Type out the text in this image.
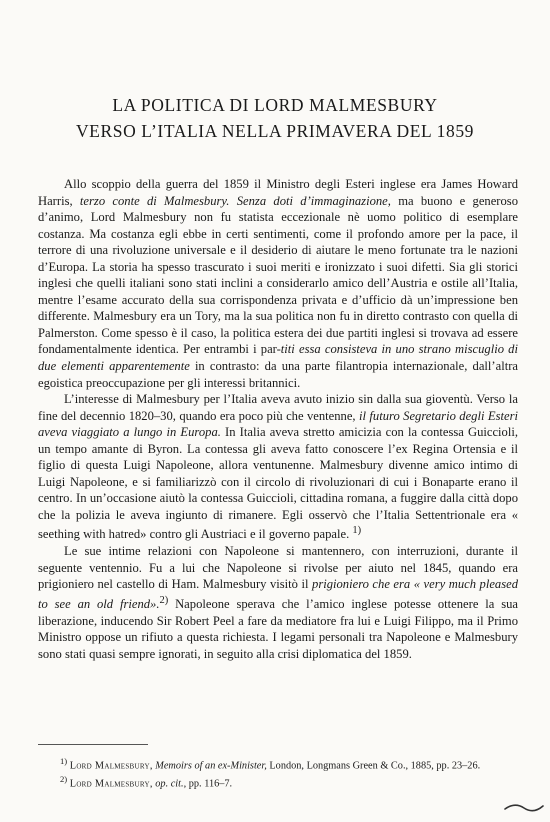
LA POLITICA DI LORD MALMESBURY
VERSO L’ITALIA NELLA PRIMAVERA DEL 1859

Allo scoppio della guerra del 1859 il Ministro degli Esteri inglese era James Howard Harris, terzo conte di Malmesbury. Senza doti d’immaginazione, ma buono e generoso d’animo, Lord Malmesbury non fu statista eccezionale nè uomo politico di esemplare costanza. Ma costanza egli ebbe in certi sentimenti, come il profondo amore per la pace, il terrore di una rivoluzione universale e il desiderio di aiutare le meno fortunate tra le nazioni d’Europa. La storia ha spesso trascurato i suoi meriti e ironizzato i suoi difetti. Sia gli storici inglesi che quelli italiani sono stati inclini a considerarlo amico dell’Austria e ostile all’Italia, mentre l’esame accurato della sua corrispondenza privata e d’ufficio dà un’impressione ben differente. Malmesbury era un Tory, ma la sua politica non fu in diretto contrasto con quella di Palmerston. Come spesso è il caso, la politica estera dei due partiti inglesi si trovava ad essere fondamentalmente identica. Per entrambi i par-titi essa consisteva in uno strano miscuglio di due elementi apparentemente in contrasto: da una parte filantropia internazionale, dall’altra egoistica preoccupazione per gli interessi britannici.

L’interesse di Malmesbury per l’Italia aveva avuto inizio sin dalla sua gioventù. Verso la fine del decennio 1820–30, quando era poco più che ventenne, il futuro Segretario degli Esteri aveva viaggiato a lungo in Europa. In Italia aveva stretto amicizia con la contessa Guiccioli, un tempo amante di Byron. La contessa gli aveva fatto conoscere l’ex Regina Ortensia e il figlio di questa Luigi Napoleone, allora ventunenne. Malmesbury divenne amico intimo di Luigi Napoleone, e si familiarizzò con il circolo di rivoluzionari di cui i Bonaparte erano il centro. In un’occasione aiutò la contessa Guiccioli, cittadina romana, a fuggire dalla città dopo che la polizia le aveva ingiunto di rimanere. Egli osservò che l’Italia Settentrionale era « seething with hatred» contro gli Austriaci e il governo papale. $^{1)}$

Le sue intime relazioni con Napoleone si mantennero, con interruzioni, durante il seguente ventennio. Fu a lui che Napoleone si rivolse per aiuto nel 1845, quando era prigioniero nel castello di Ham. Malmesbury visitò il prigioniero che era « very much pleased to see an old friend».$^{2)}$ Napoleone sperava che l’amico inglese potesse ottenere la sua liberazione, inducendo Sir Robert Peel a fare da mediatore fra lui e Luigi Filippo, ma il Primo Ministro oppose un rifiuto a questa richiesta. I legami personali tra Napoleone e Malmesbury sono stati quasi sempre ignorati, in seguito alla crisi diplomatica del 1859.

$^{1)}$ Lord Malmesbury, Memoirs of an ex-Minister, London, Longmans Green & Co., 1885, pp. 23–26.

$^{2)}$ Lord Malmesbury, op. cit., pp. 116–7.
